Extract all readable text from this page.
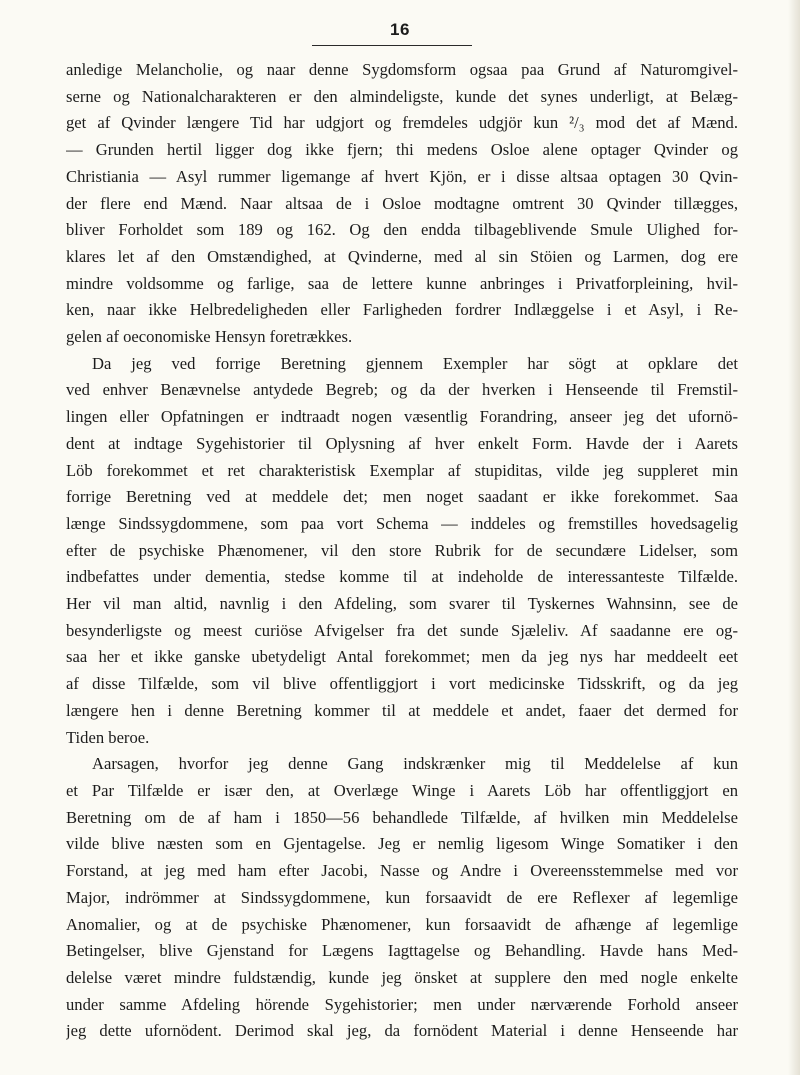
16

anledige Melancholie, og naar denne Sygdomsform ogsaa paa Grund af Naturomgivel-

serne og Nationalcharakteren er den almindeligste, kunde det synes underligt, at Belæg-

get af Qvinder længere Tid har udgjort og fremdeles udgjör kun ²/₃ mod det af Mænd.

— Grunden hertil ligger dog ikke fjern; thi medens Osloe alene optager Qvinder og

Christiania — Asyl rummer ligemange af hvert Kjön, er i disse altsaa optagen 30 Qvin-

der flere end Mænd. Naar altsaa de i Osloe modtagne omtrent 30 Qvinder tillægges,

bliver Forholdet som 189 og 162. Og den endda tilbageblivende Smule Ulighed for-

klares let af den Omstændighed, at Qvinderne, med al sin Stöien og Larmen, dog ere

mindre voldsomme og farlige, saa de lettere kunne anbringes i Privatforpleining, hvil-

ken, naar ikke Helbredeligheden eller Farligheden fordrer Indlæggelse i et Asyl, i Re-

gelen af oeconomiske Hensyn foretrækkes.

Da jeg ved forrige Beretning gjennem Exempler har sögt at opklare det

ved enhver Benævnelse antydede Begreb; og da der hverken i Henseende til Fremstil-

lingen eller Opfatningen er indtraadt nogen væsentlig Forandring, anseer jeg det ufornö-

dent at indtage Sygehistorier til Oplysning af hver enkelt Form. Havde der i Aarets

Löb forekommet et ret charakteristisk Exemplar af stupiditas, vilde jeg suppleret min

forrige Beretning ved at meddele det; men noget saadant er ikke forekommet. Saa

længe Sindssygdommene, som paa vort Schema — inddeles og fremstilles hovedsagelig

efter de psychiske Phænomener, vil den store Rubrik for de secundære Lidelser, som

indbefattes under dementia, stedse komme til at indeholde de interessanteste Tilfælde.

Her vil man altid, navnlig i den Afdeling, som svarer til Tyskernes Wahnsinn, see de

besynderligste og meest curiöse Afvigelser fra det sunde Sjæleliv. Af saadanne ere og-

saa her et ikke ganske ubetydeligt Antal forekommet; men da jeg nys har meddeelt eet

af disse Tilfælde, som vil blive offentliggjort i vort medicinske Tidsskrift, og da jeg

længere hen i denne Beretning kommer til at meddele et andet, faaer det dermed for

Tiden beroe.

Aarsagen, hvorfor jeg denne Gang indskrænker mig til Meddelelse af kun

et Par Tilfælde er især den, at Overlæge Winge i Aarets Löb har offentliggjort en

Beretning om de af ham i 1850—56 behandlede Tilfælde, af hvilken min Meddelelse

vilde blive næsten som en Gjentagelse. Jeg er nemlig ligesom Winge Somatiker i den

Forstand, at jeg med ham efter Jacobi, Nasse og Andre i Overeensstemmelse med vor

Major, indrömmer at Sindssygdommene, kun forsaavidt de ere Reflexer af legemlige

Anomalier, og at de psychiske Phænomener, kun forsaavidt de afhænge af legemlige

Betingelser, blive Gjenstand for Lægens Iagttagelse og Behandling. Havde hans Med-

delelse været mindre fuldstændig, kunde jeg önsket at supplere den med nogle enkelte

under samme Afdeling hörende Sygehistorier; men under nærværende Forhold anseer

jeg dette ufornödent. Derimod skal jeg, da fornödent Material i denne Henseende har
